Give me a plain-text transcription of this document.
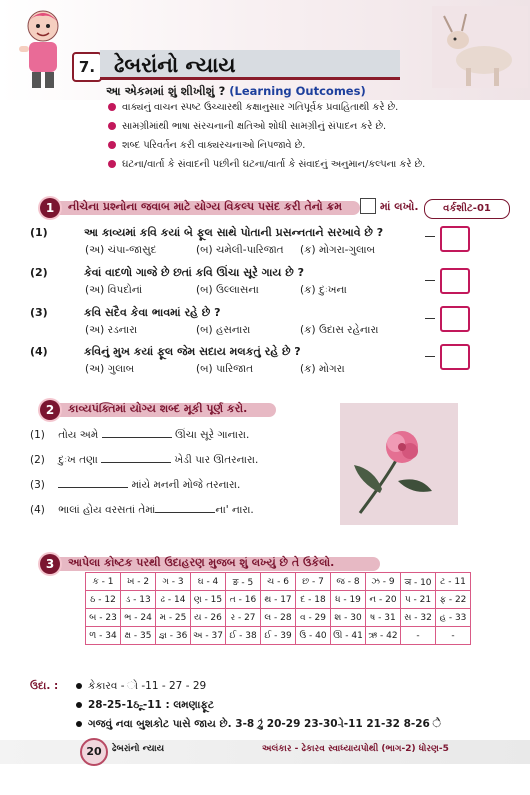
7. ઢેબરાંનો ન્યાય
આ એકમમાં શું શીખીશું ? (Learning Outcomes)
વાક્યનું વાચન સ્પષ્ટ ઉચ્ચારથી કક્ષાનુસાર ગતિપૂર્વક પ્રવાહિતાથી કરે છે.
સામગ્રીમાંથી ભાષા સંરચનાની ક્ષતિઓ શોધી સામગ્રીનું સંપાદન કરે છે.
શબ્દ પરિવર્તન કરી વાક્યરચનાઓ નિપજાવે છે.
ઘટના/વાર્તા કે સંવાદની પછીની ઘટના/વાર્તા કે સંવાદનું અનુમાન/કલ્પના કરે છે.
1	નીચેના પ્રશ્નોના જવાબ માટે યોગ્ય વિકલ્પ પસંદ કરી તેનો ક્રમ	માં લખો.	વર્કશીટ-01
(1)	આ કાવ્યમાં કવિ કયાં બે ફૂલ સાથે પોતાની પ્રસન્નતાને સરખાવે છે ?
(અ) ચંપા-જાસુદ	(બ) ચમેલી-પારિજાત (ક) મોગરા-ગુલાબ
(2)	કેવાં વાદળો ગાજે છે છતાં કવિ ઊંચા સૂરે ગાય છે ?
(અ) વિપદોનાં	(બ) ઉલ્લાસના	(ક) દુઃખના
(3)	કવિ સદૈવ કેવા ભાવમાં રહે છે ?
(અ) રડનારા	(બ) હસનારા	(ક) ઉદાસ રહેનારા
(4)	કવિનું મુખ કયાં ફૂલ જેમ સદાય મલકતું રહે છે ?
(અ) ગુલાબ	(બ) પારિજાત	(ક) મોગરા
2	કાવ્યપંક્તિમાં યોગ્ય શબ્દ મૂકી પૂર્ણ કરો.
(1) તોય અમે	ઊંચા સૂરે ગાનારા.
(2) દુઃખ તણા	ખેડી પાર ઊતરનારા.
(3)	માંયે મનની મોજે તરનારા.
(4) ભાલાં હોય વરસતાં તેમાં	ના' નારા.
3	આપેલા કોષ્ટક પરથી ઉદાહરણ મુજબ શું લખ્યું છે તે ઉકેલો.
ક - 1	ખ - 2	ગ - 3	ઘ - 4	ङ - 5	ચ - 6	છ - 7	જ - 8	ઝ - 9	ञ - 10	ટ - 11
ઠ - 12	ડ - 13	ઢ - 14	ણ - 15	ત - 16	થ - 17	દ - 18	ધ - 19	ન - 20	પ - 21	ફ - 22
બ - 23	ભ - 24	મ - 25	ય - 26	ર - 27	લ - 28	વ - 29	શ - 30	ષ - 31	સ - 32	હ - 33
ળ - 34	ક્ષ - 35	જ્ઞ - 36	અ - 37	ઈ - 38	ઈ - 39	ઉ - 40	ઊ - 41	ઋ - 42	-	-
ઉદા. :	કેકારવ - ો -11 - 27 - 29
28-25-1ઠ-ૂ-11 : લમણાફૂટ
ગજવું નવા બુશકોટ પાસે જાય છે. 3-8 2ું 20-29 23-30-ો-11 21-32 8-26 ે
20	ઢેબરાંનો ન્યાય	અલંકાર - ઢેકારવ સ્વાધ્યાયપોથી (ભાગ-2) ધોરણ-5
